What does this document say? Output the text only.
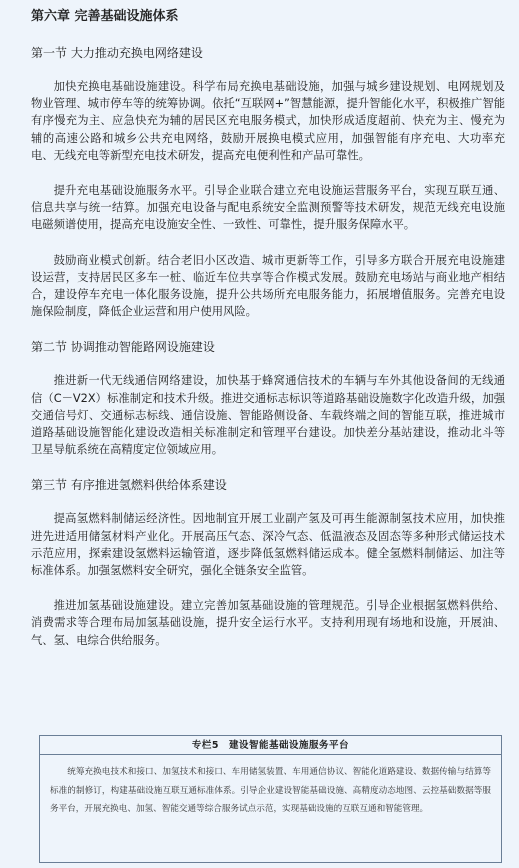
第六章 完善基础设施体系
第一节 大力推动充换电网络建设

加快充换电基础设施建设。科学布局充换电基础设施，加强与城乡建设规划、电网规划及物业管理、城市停车等的统筹协调。依托“互联网+”智慧能源，提升智能化水平，积极推广智能有序慢充为主、应急快充为辅的居民区充电服务模式，加快形成适度超前、快充为主、慢充为辅的高速公路和城乡公共充电网络，鼓励开展换电模式应用，加强智能有序充电、大功率充电、无线充电等新型充电技术研发，提高充电便利性和产品可靠性。

提升充电基础设施服务水平。引导企业联合建立充电设施运营服务平台，实现互联互通、信息共享与统一结算。加强充电设备与配电系统安全监测预警等技术研发，规范无线充电设施电磁频谱使用，提高充电设施安全性、一致性、可靠性，提升服务保障水平。

鼓励商业模式创新。结合老旧小区改造、城市更新等工作，引导多方联合开展充电设施建设运营，支持居民区多车一桩、临近车位共享等合作模式发展。鼓励充电场站与商业地产相结合，建设停车充电一体化服务设施，提升公共场所充电服务能力，拓展增值服务。完善充电设施保险制度，降低企业运营和用户使用风险。

第二节 协调推动智能路网设施建设

推进新一代无线通信网络建设，加快基于蜂窝通信技术的车辆与车外其他设备间的无线通信（C－V2X）标准制定和技术升级。推进交通标志标识等道路基础设施数字化改造升级，加强交通信号灯、交通标志标线、通信设施、智能路侧设备、车载终端之间的智能互联，推进城市道路基础设施智能化建设改造相关标准制定和管理平台建设。加快差分基站建设，推动北斗等卫星导航系统在高精度定位领域应用。

第三节 有序推进氢燃料供给体系建设

提高氢燃料制储运经济性。因地制宜开展工业副产氢及可再生能源制氢技术应用，加快推进先进适用储氢材料产业化。开展高压气态、深冷气态、低温液态及固态等多种形式储运技术示范应用，探索建设氢燃料运输管道，逐步降低氢燃料储运成本。健全氢燃料制储运、加注等标准体系。加强氢燃料安全研究，强化全链条安全监管。

推进加氢基础设施建设。建立完善加氢基础设施的管理规范。引导企业根据氢燃料供给、消费需求等合理布局加氢基础设施，提升安全运行水平。支持利用现有场地和设施，开展油、气、氢、电综合供给服务。

专栏5 建设智能基础设施服务平台
统筹充换电技术和接口、加氢技术和接口、车用储氢装置、车用通信协议、智能化道路建设、数据传输与结算等标准的制修订，构建基础设施互联互通标准体系。引导企业建设智能基础设施、高精度动态地图、云控基础数据等服务平台，开展充换电、加氢、智能交通等综合服务试点示范，实现基础设施的互联互通和智能管理。
